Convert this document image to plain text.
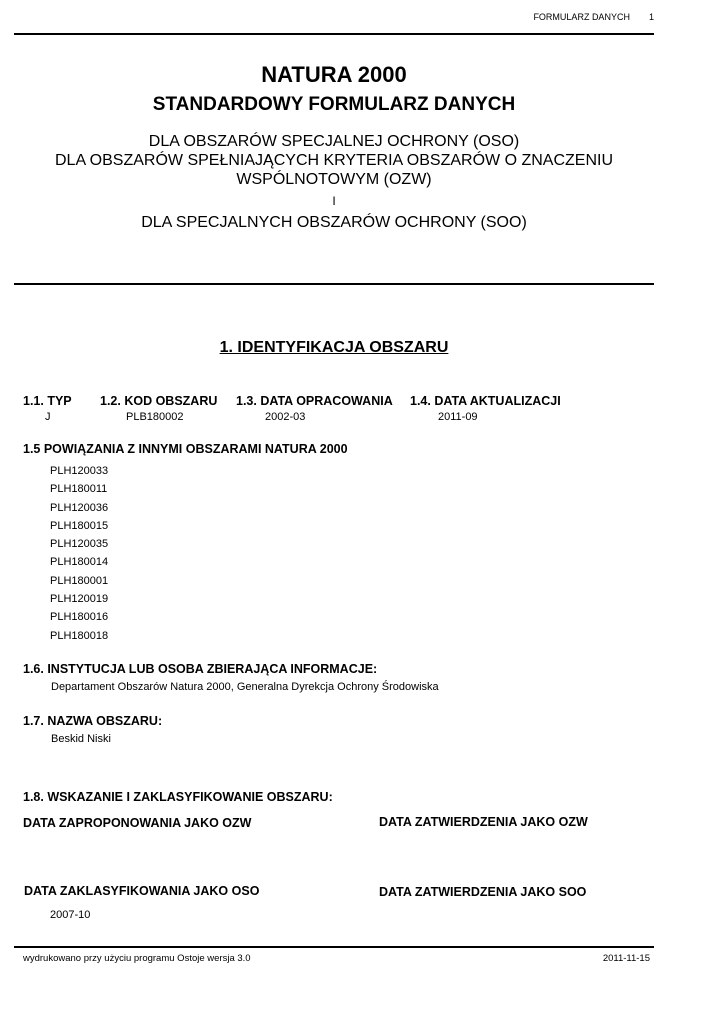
FORMULARZ DANYCH 1
NATURA 2000
STANDARDOWY FORMULARZ DANYCH
DLA OBSZARÓW SPECJALNEJ OCHRONY (OSO)
DLA OBSZARÓW SPEŁNIAJĄCYCH KRYTERIA OBSZARÓW O ZNACZENIU
WSPÓLNOTOWYM (OZW)
I
DLA SPECJALNYCH OBSZARÓW OCHRONY (SOO)
1. IDENTYFIKACJA OBSZARU
1.1. TYP 1.2. KOD OBSZARU 1.3. DATA OPRACOWANIA 1.4. DATA AKTUALIZACJI
J	PLB180002	2002-03	2011-09
1.5 POWIĄZANIA Z INNYMI OBSZARAMI NATURA 2000
PLH120033
PLH180011
PLH120036
PLH180015
PLH120035
PLH180014
PLH180001
PLH120019
PLH180016
PLH180018
1.6. INSTYTUCJA LUB OSOBA ZBIERAJĄCA INFORMACJE:
Departament Obszarów Natura 2000, Generalna Dyrekcja Ochrony Środowiska
1.7. NAZWA OBSZARU:
Beskid Niski
1.8. WSKAZANIE I ZAKLASYFIKOWANIE OBSZARU:
DATA ZAPROPONOWANIA JAKO OZW	DATA ZATWIERDZENIA JAKO OZW
DATA ZAKLASYFIKOWANIA JAKO OSO	DATA ZATWIERDZENIA JAKO SOO
2007-10
wydrukowano przy użyciu programu Ostoje wersja 3.0	2011-11-15
